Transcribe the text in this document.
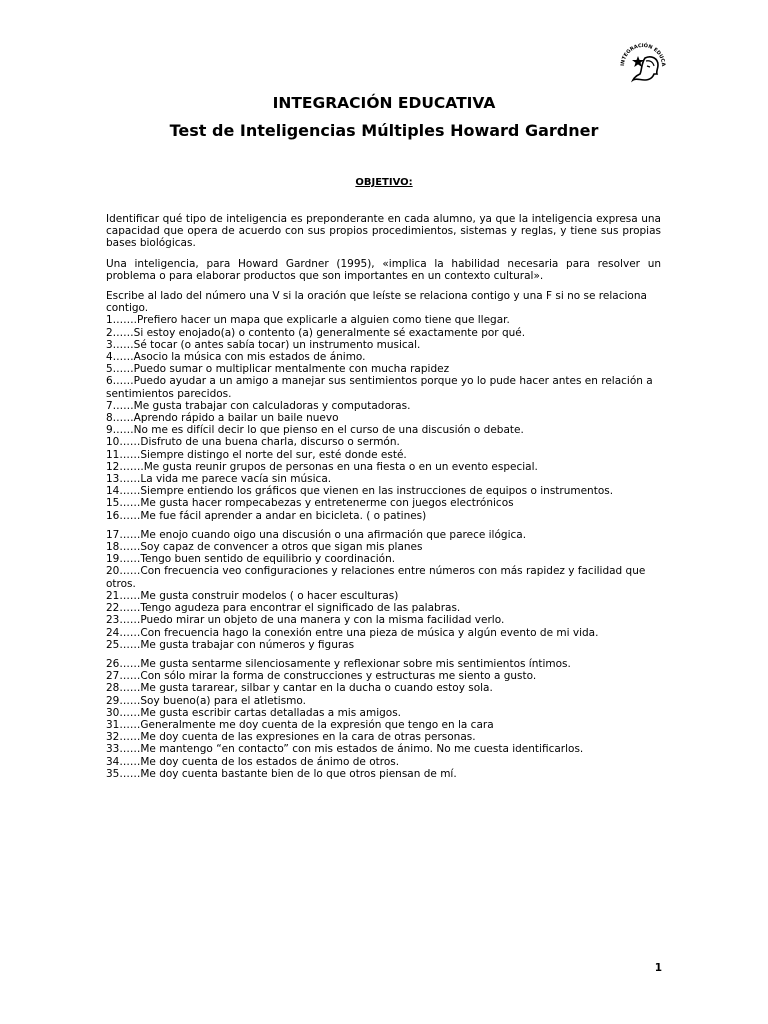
INTEGRACIÓN EDUCA
INTEGRACIÓN EDUCATIVA
Test de Inteligencias Múltiples Howard Gardner

OBJETIVO:

Identificar qué tipo de inteligencia es preponderante en cada alumno, ya que la inteligencia expresa una capacidad que opera de acuerdo con sus propios procedimientos, sistemas y reglas, y tiene sus propias bases biológicas.

Una inteligencia, para Howard Gardner (1995), «implica la habilidad necesaria para resolver un problema o para elaborar productos que son importantes en un contexto cultural».

Escribe al lado del número una V si la oración que leíste se relaciona contigo y una F si no se relaciona contigo.

1…….Prefiero hacer un mapa que explicarle a alguien como tiene que llegar.

2……Si estoy enojado(a) o contento (a) generalmente sé exactamente por qué.

3……Sé tocar (o antes sabía tocar) un instrumento musical.

4……Asocio la música con mis estados de ánimo.

5……Puedo sumar o multiplicar mentalmente con mucha rapidez

6……Puedo ayudar a un amigo a manejar sus sentimientos porque yo lo pude hacer antes en relación a sentimientos parecidos.

7……Me gusta trabajar con calculadoras y computadoras.

8……Aprendo rápido a bailar un baile nuevo

9……No me es difícil decir lo que pienso en el curso de una discusión o debate.

10……Disfruto de una buena charla, discurso o sermón.

11……Siempre distingo el norte del sur, esté donde esté.

12…….Me gusta reunir grupos de personas en una fiesta o en un evento especial.

13……La vida me parece vacía sin música.

14……Siempre entiendo los gráficos que vienen en las instrucciones de equipos o instrumentos.

15……Me gusta hacer rompecabezas y entretenerme con juegos electrónicos

16……Me fue fácil aprender a andar en bicicleta. ( o patines)

17……Me enojo cuando oigo una discusión o una afirmación que parece ilógica.

18……Soy capaz de convencer a otros que sigan mis planes

19……Tengo buen sentido de equilibrio y coordinación.

20……Con frecuencia veo configuraciones y relaciones entre números con más rapidez y facilidad que otros.

21……Me gusta construir modelos ( o hacer esculturas)

22……Tengo agudeza para encontrar el significado de las palabras.

23……Puedo mirar un objeto de una manera y con la misma facilidad verlo.

24……Con frecuencia hago la conexión entre una pieza de música y algún evento de mi vida.

25……Me gusta trabajar con números y figuras

26……Me gusta sentarme silenciosamente y reflexionar sobre mis sentimientos íntimos.

27……Con sólo mirar la forma de construcciones y estructuras me siento a gusto.

28……Me gusta tararear, silbar y cantar en la ducha o cuando estoy sola.

29……Soy bueno(a) para el atletismo.

30……Me gusta escribir cartas detalladas a mis amigos.

31……Generalmente me doy cuenta de la expresión que tengo en la cara

32……Me doy cuenta de las expresiones en la cara de otras personas.

33……Me mantengo “en contacto” con mis estados de ánimo. No me cuesta identificarlos.

34……Me doy cuenta de los estados de ánimo de otros.

35……Me doy cuenta bastante bien de lo que otros piensan de mí.

1
